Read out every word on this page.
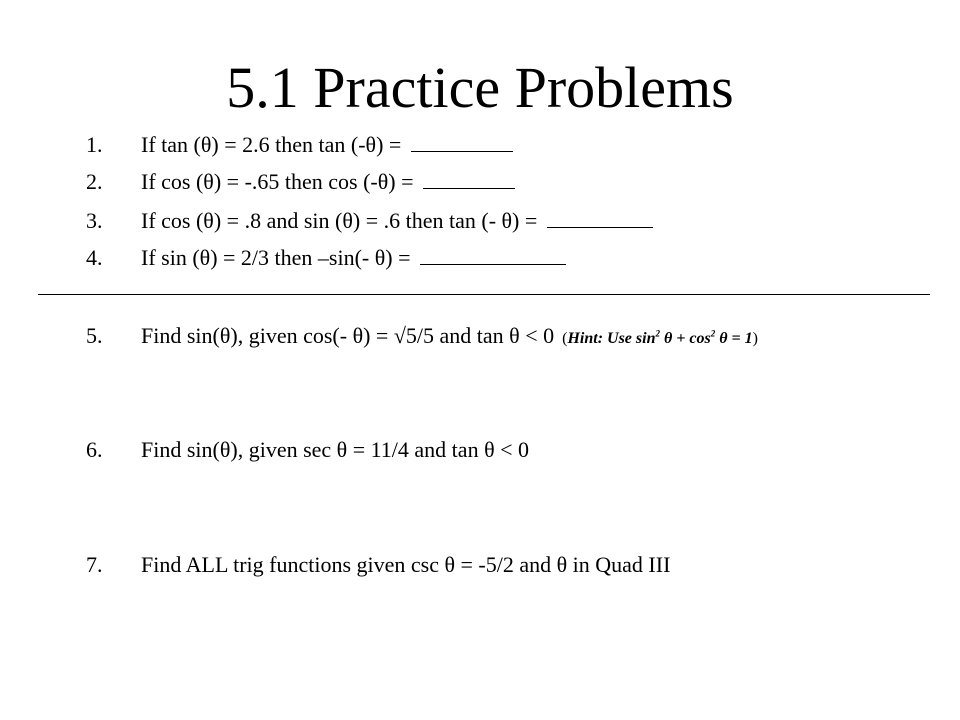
5.1 Practice Problems
1. If tan (θ) = 2.6 then tan (-θ) =
2. If cos (θ) = -.65 then cos (-θ) =
3. If cos (θ) = .8 and sin (θ) = .6 then tan (- θ) =
4. If sin (θ) = 2/3 then –sin(- θ) =
5. Find sin(θ), given cos(- θ) = √5/5 and tan θ < 0 (Hint: Use $\sin^2 \theta + \cos^2 \theta = 1$)
6. Find sin(θ), given sec θ = 11/4 and tan θ < 0
7. Find ALL trig functions given csc θ = -5/2 and θ in Quad III
